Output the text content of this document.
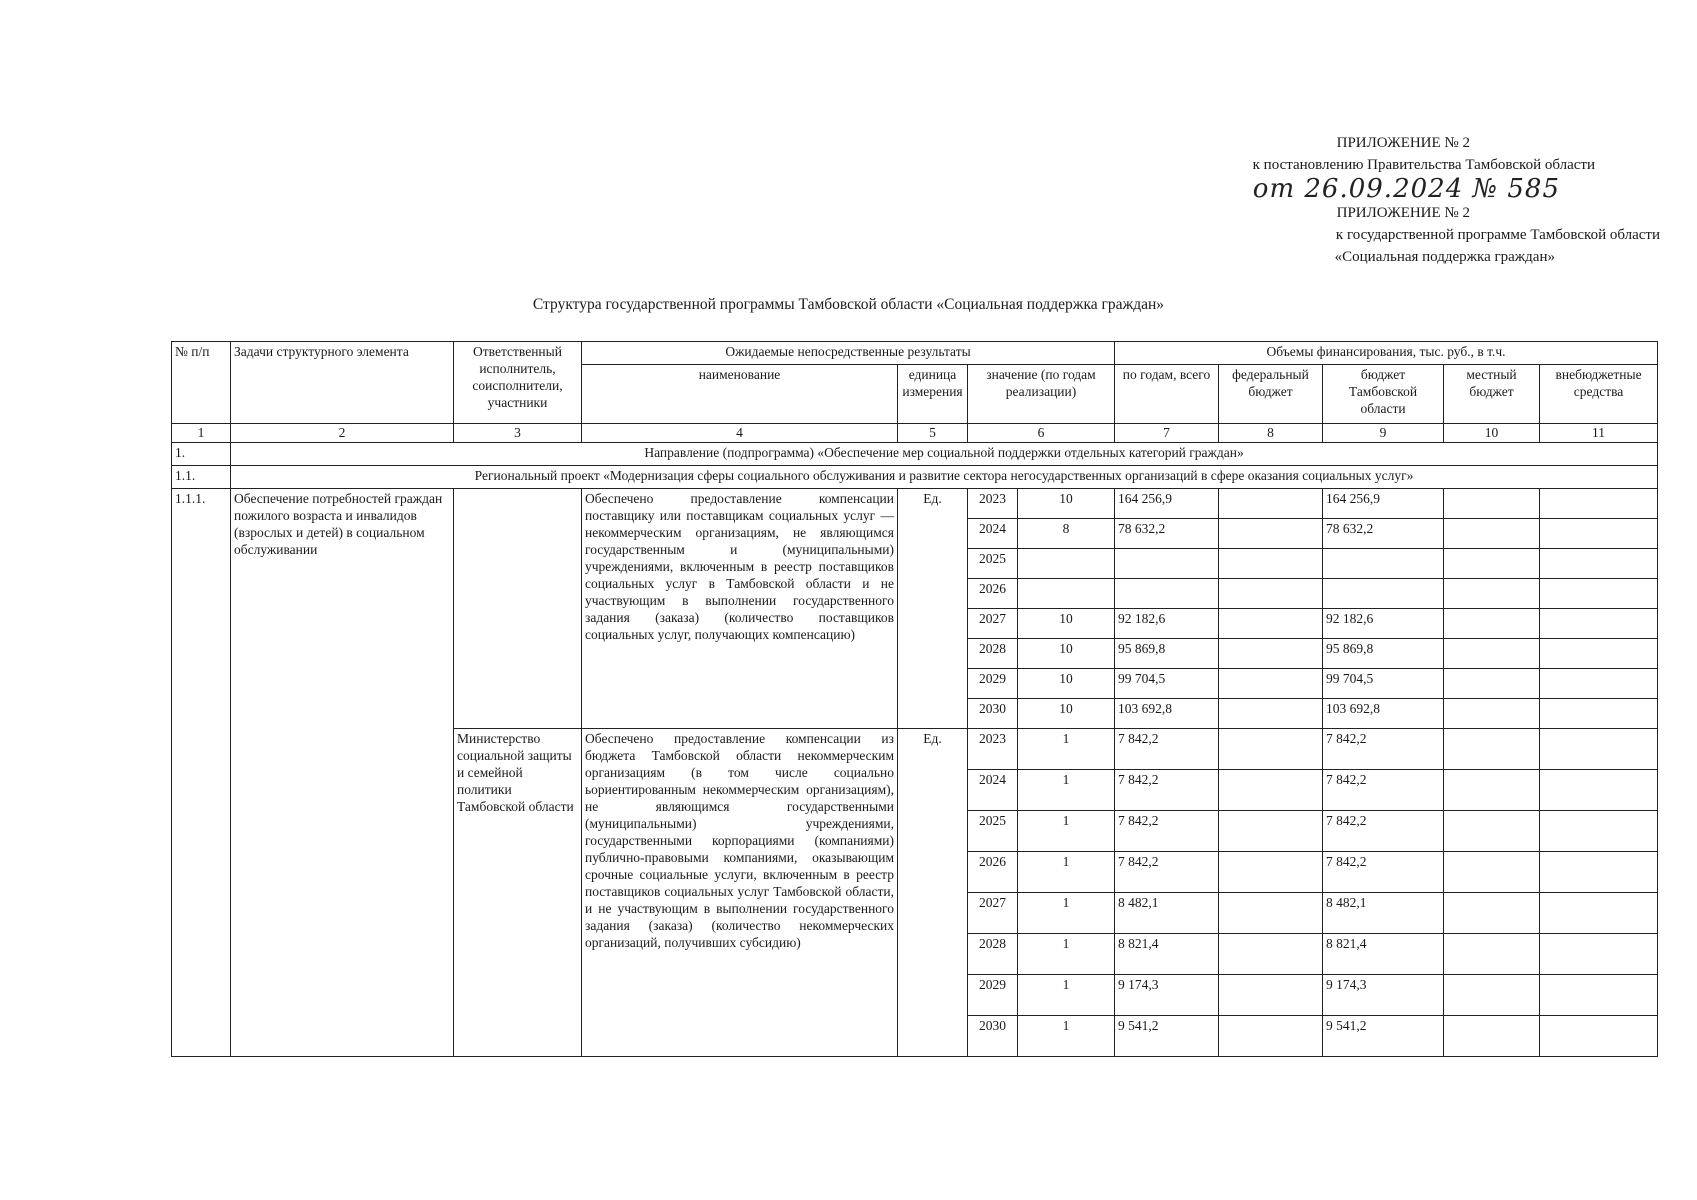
ПРИЛОЖЕНИЕ № 2
к постановлению Правительства Тамбовской области
от 26.09.2024 № 585
ПРИЛОЖЕНИЕ № 2
к государственной программе Тамбовской области
«Социальная поддержка граждан»
Структура государственной программы Тамбовской области «Социальная поддержка граждан»
№ п/п	Задачи структурного элемента	Ответственный исполнитель, соисполнители, участники	Ожидаемые непосредственные результаты				Объемы финансирования, тыс. руб., в т.ч.				
			наименование	единица измерения	значение (по годам реализации)		по годам, всего	федеральный бюджет	бюджет Тамбовской области	местный бюджет	внебюджетные средства
1	2	3	4	5	6		7	8	9	10	11
1.	Направление (подпрограмма) «Обеспечение мер социальной поддержки отдельных категорий граждан»										
1.1.	Региональный проект «Модернизация сферы социального обслуживания и развитие сектора негосударственных организаций в сфере оказания социальных услуг»										
1.1.1.	Обеспечение потребностей граждан пожилого возраста и инвалидов (взрослых и детей) в социальном обслуживании		Обеспечено предоставление компенсации поставщику или поставщикам социальных услуг — некоммерческим организациям, не являющимся государственным и (муниципальными) учреждениями, включенным в реестр поставщиков социальных услуг в Тамбовской области и не участвующим в выполнении государственного задания (заказа) (количество поставщиков социальных услуг, получающих компенсацию)	Ед.	2023	10	164 256,9		164 256,9		
					2024	8	78 632,2		78 632,2		
					2025						
					2026						
					2027	10	92 182,6		92 182,6		
					2028	10	95 869,8		95 869,8		
					2029	10	99 704,5		99 704,5		
					2030	10	103 692,8		103 692,8		
		Министерство социальной защиты и семейной политики Тамбовской области	Обеспечено предоставление компенсации из бюджета Тамбовской области некоммерческим организациям (в том числе социально ьориентированным некоммерческим организациям), не являющимся государственными (муниципальными) учреждениями, государственными корпорациями (компаниями) публично-правовыми компаниями, оказывающим срочные социальные услуги, включенным в реестр поставщиков социальных услуг Тамбовской области, и не участвующим в выполнении государственного задания (заказа) (количество некоммерческих организаций, получивших субсидию)	Ед.	2023	1	7 842,2		7 842,2		
					2024	1	7 842,2		7 842,2		
					2025	1	7 842,2		7 842,2		
					2026	1	7 842,2		7 842,2		
					2027	1	8 482,1		8 482,1		
					2028	1	8 821,4		8 821,4		
					2029	1	9 174,3		9 174,3		
					2030	1	9 541,2		9 541,2		
